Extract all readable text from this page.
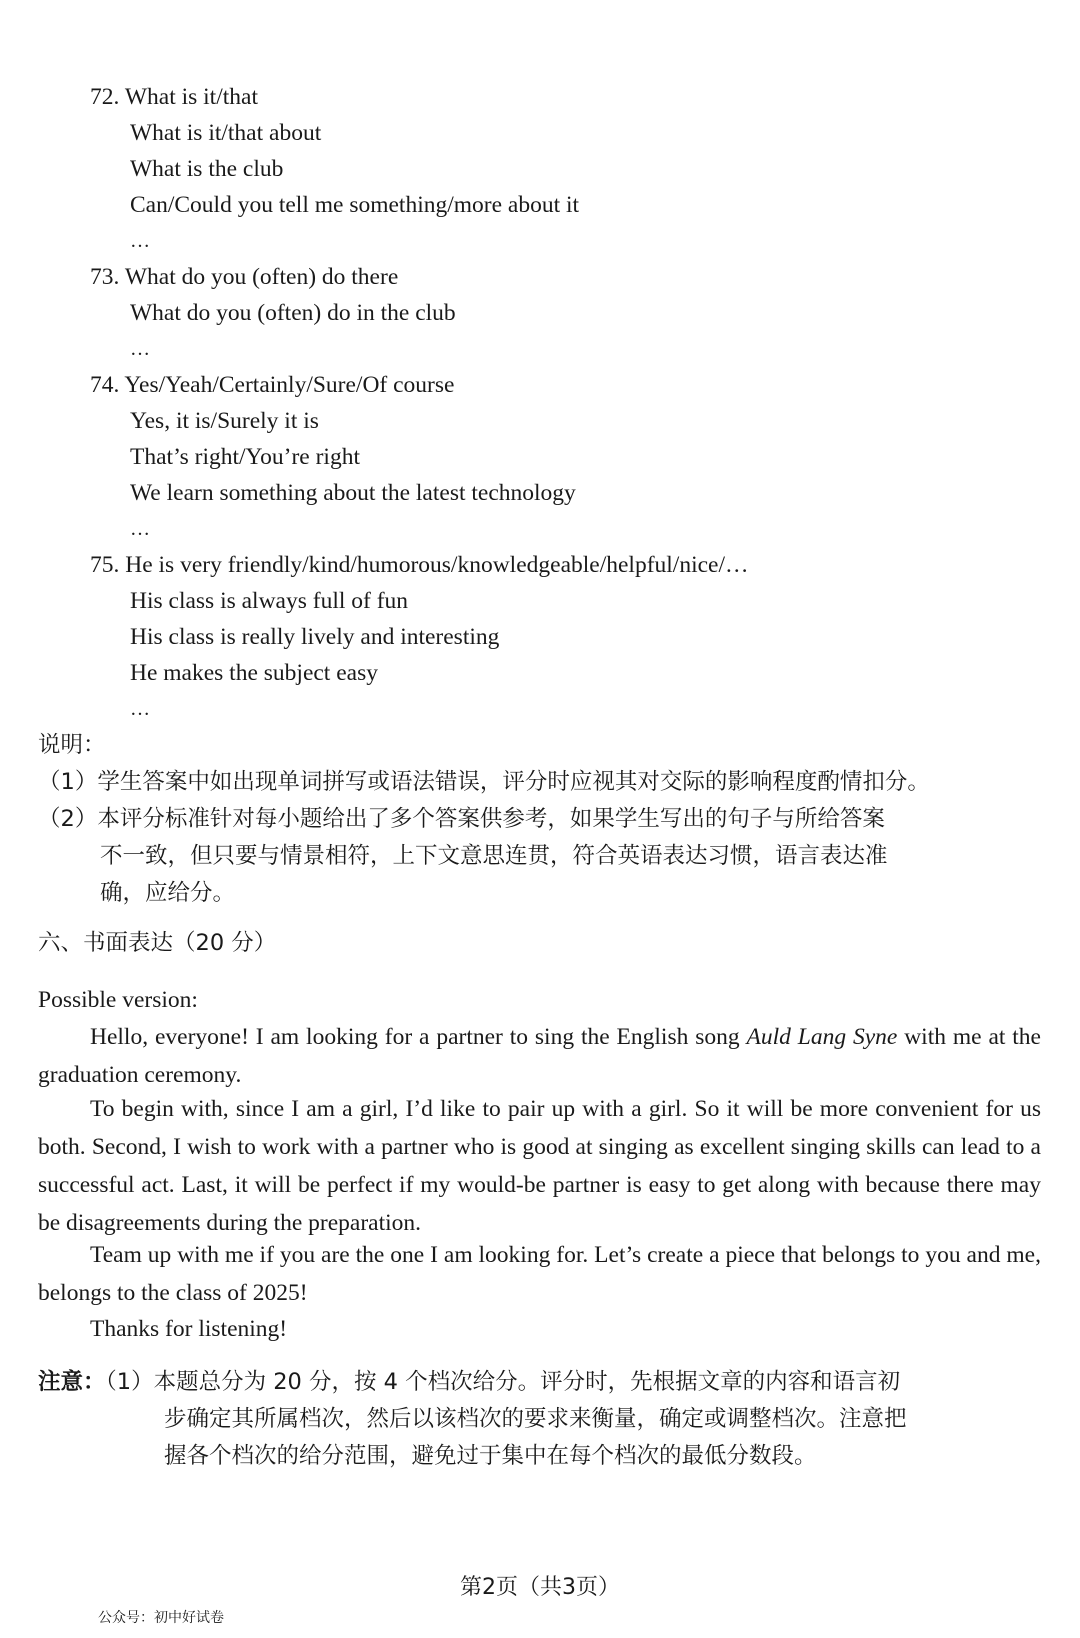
72. What is it/that
What is it/that about
What is the club
Can/Could you tell me something/more about it
…
73. What do you (often) do there
What do you (often) do in the club
…
74. Yes/Yeah/Certainly/Sure/Of course
Yes, it is/Surely it is
That’s right/You’re right
We learn something about the latest technology
…
75. He is very friendly/kind/humorous/knowledgeable/helpful/nice/…
His class is always full of fun
His class is really lively and interesting
He makes the subject easy
…
说明：
（1）学生答案中如出现单词拼写或语法错误，评分时应视其对交际的影响程度酌情扣分。
（2）本评分标准针对每小题给出了多个答案供参考，如果学生写出的句子与所给答案
不一致，但只要与情景相符，上下文意思连贯，符合英语表达习惯，语言表达准
确，应给分。
六、书面表达（20 分）
Possible version:
Hello, everyone! I am looking for a partner to sing the English song Auld Lang Syne with me at the graduation ceremony.
To begin with, since I am a girl, I’d like to pair up with a girl. So it will be more convenient for us both. Second, I wish to work with a partner who is good at singing as excellent singing skills can lead to a successful act. Last, it will be perfect if my would-be partner is easy to get along with because there may be disagreements during the preparation.
Team up with me if you are the one I am looking for. Let’s create a piece that belongs to you and me, belongs to the class of 2025!
Thanks for listening!
注意：（1）本题总分为 20 分，按 4 个档次给分。评分时，先根据文章的内容和语言初
步确定其所属档次，然后以该档次的要求来衡量，确定或调整档次。注意把
握各个档次的给分范围，避免过于集中在每个档次的最低分数段。
第2页（共3页）
公众号：初中好试卷
